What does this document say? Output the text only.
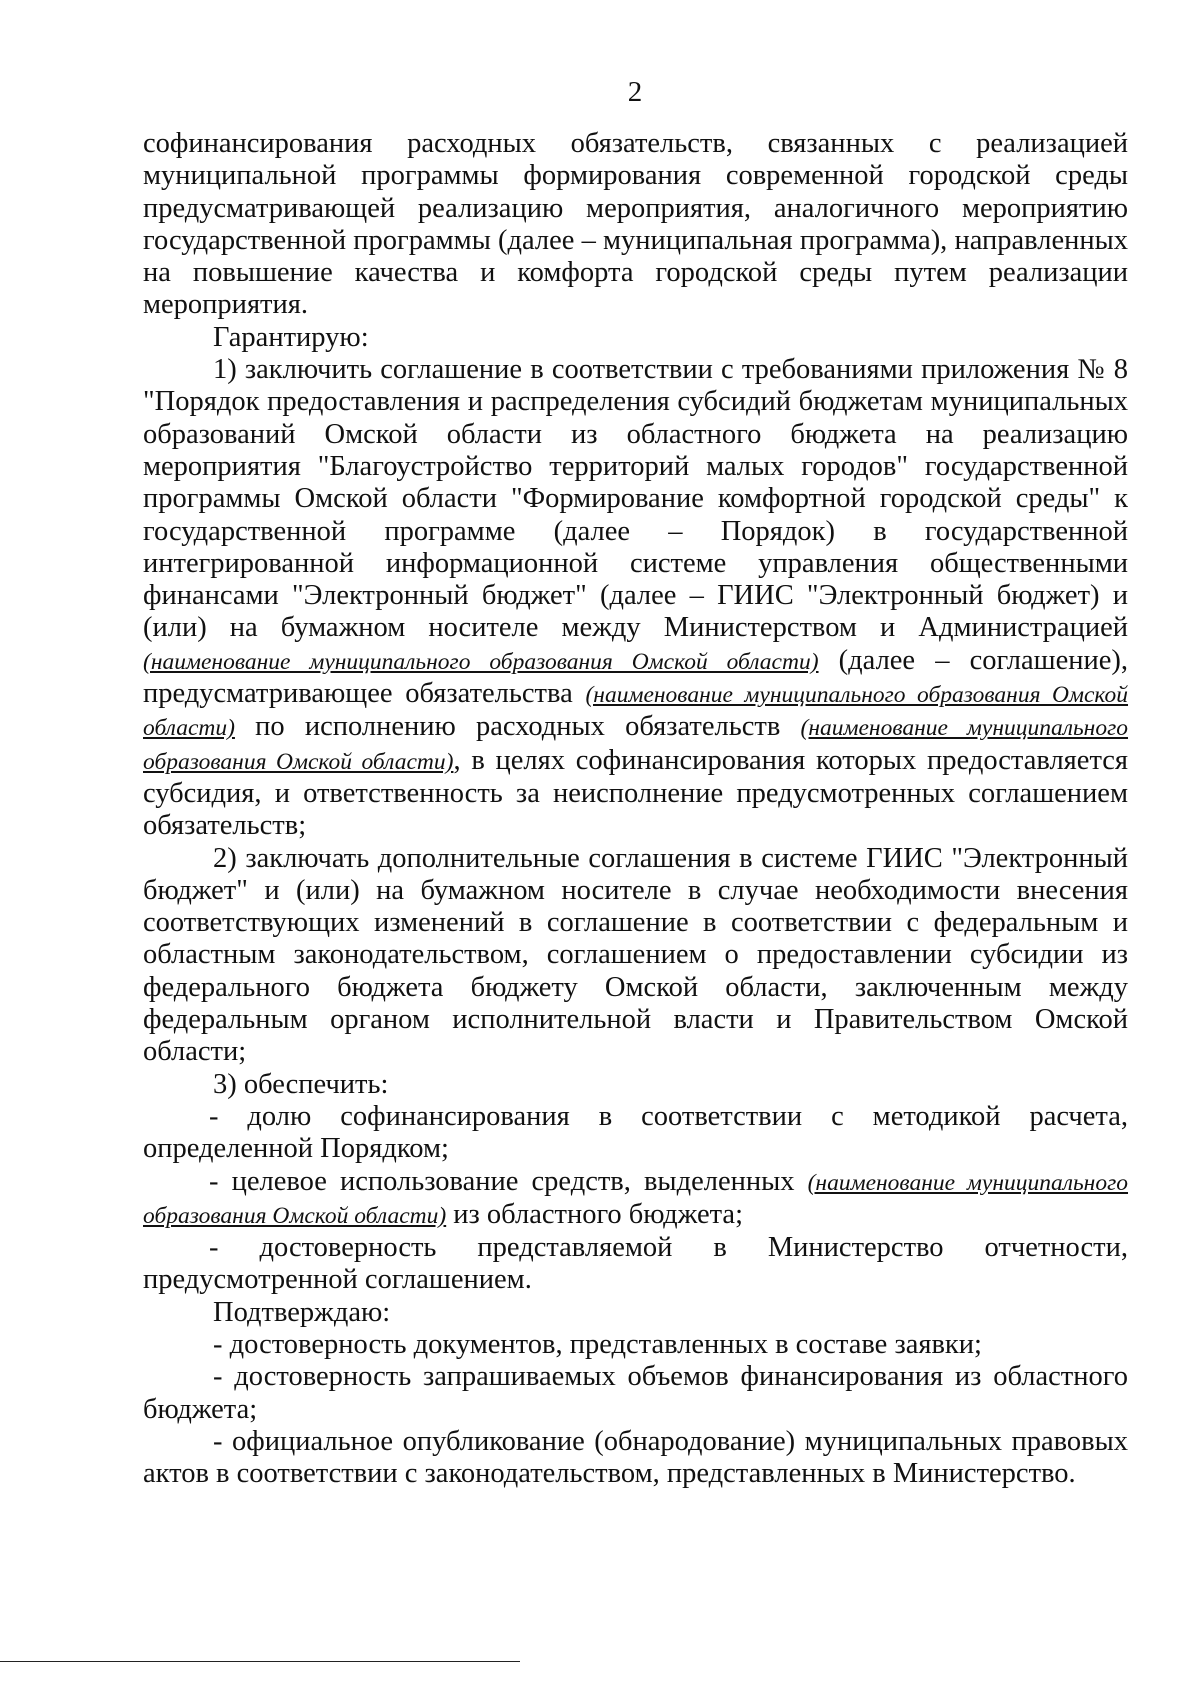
2

софинансирования расходных обязательств, связанных с реализацией муниципальной программы формирования современной городской среды предусматривающей реализацию мероприятия, аналогичного мероприятию государственной программы (далее – муниципальная программа), направленных на повышение качества и комфорта городской среды путем реализации мероприятия.

Гарантирую:

1) заключить соглашение в соответствии с требованиями приложения № 8 "Порядок предоставления и распределения субсидий бюджетам муниципальных образований Омской области из областного бюджета на реализацию мероприятия "Благоустройство территорий малых городов" государственной программы Омской области "Формирование комфортной городской среды" к государственной программе (далее – Порядок) в государственной интегрированной информационной системе управления общественными финансами "Электронный бюджет" (далее – ГИИС "Электронный бюджет) и (или) на бумажном носителе между Министерством и Администрацией (наименование муниципального образования Омской области) (далее – соглашение), предусматривающее обязательства (наименование муниципального образования Омской области) по исполнению расходных обязательств (наименование муниципального образования Омской области), в целях софинансирования которых предоставляется субсидия, и ответственность за неисполнение предусмотренных соглашением обязательств;

2) заключать дополнительные соглашения в системе ГИИС "Электронный бюджет" и (или) на бумажном носителе в случае необходимости внесения соответствующих изменений в соглашение в соответствии с федеральным и областным законодательством, соглашением о предоставлении субсидии из федерального бюджета бюджету Омской области, заключенным между федеральным органом исполнительной власти и Правительством Омской области;

3) обеспечить:

- долю софинансирования в соответствии с методикой расчета, определенной Порядком;

- целевое использование средств, выделенных (наименование муниципального образования Омской области) из областного бюджета;

- достоверность представляемой в Министерство отчетности, предусмотренной соглашением.

Подтверждаю:

- достоверность документов, представленных в составе заявки;

- достоверность запрашиваемых объемов финансирования из областного бюджета;

- официальное опубликование (обнародование) муниципальных правовых актов в соответствии с законодательством, представленных в Министерство.
